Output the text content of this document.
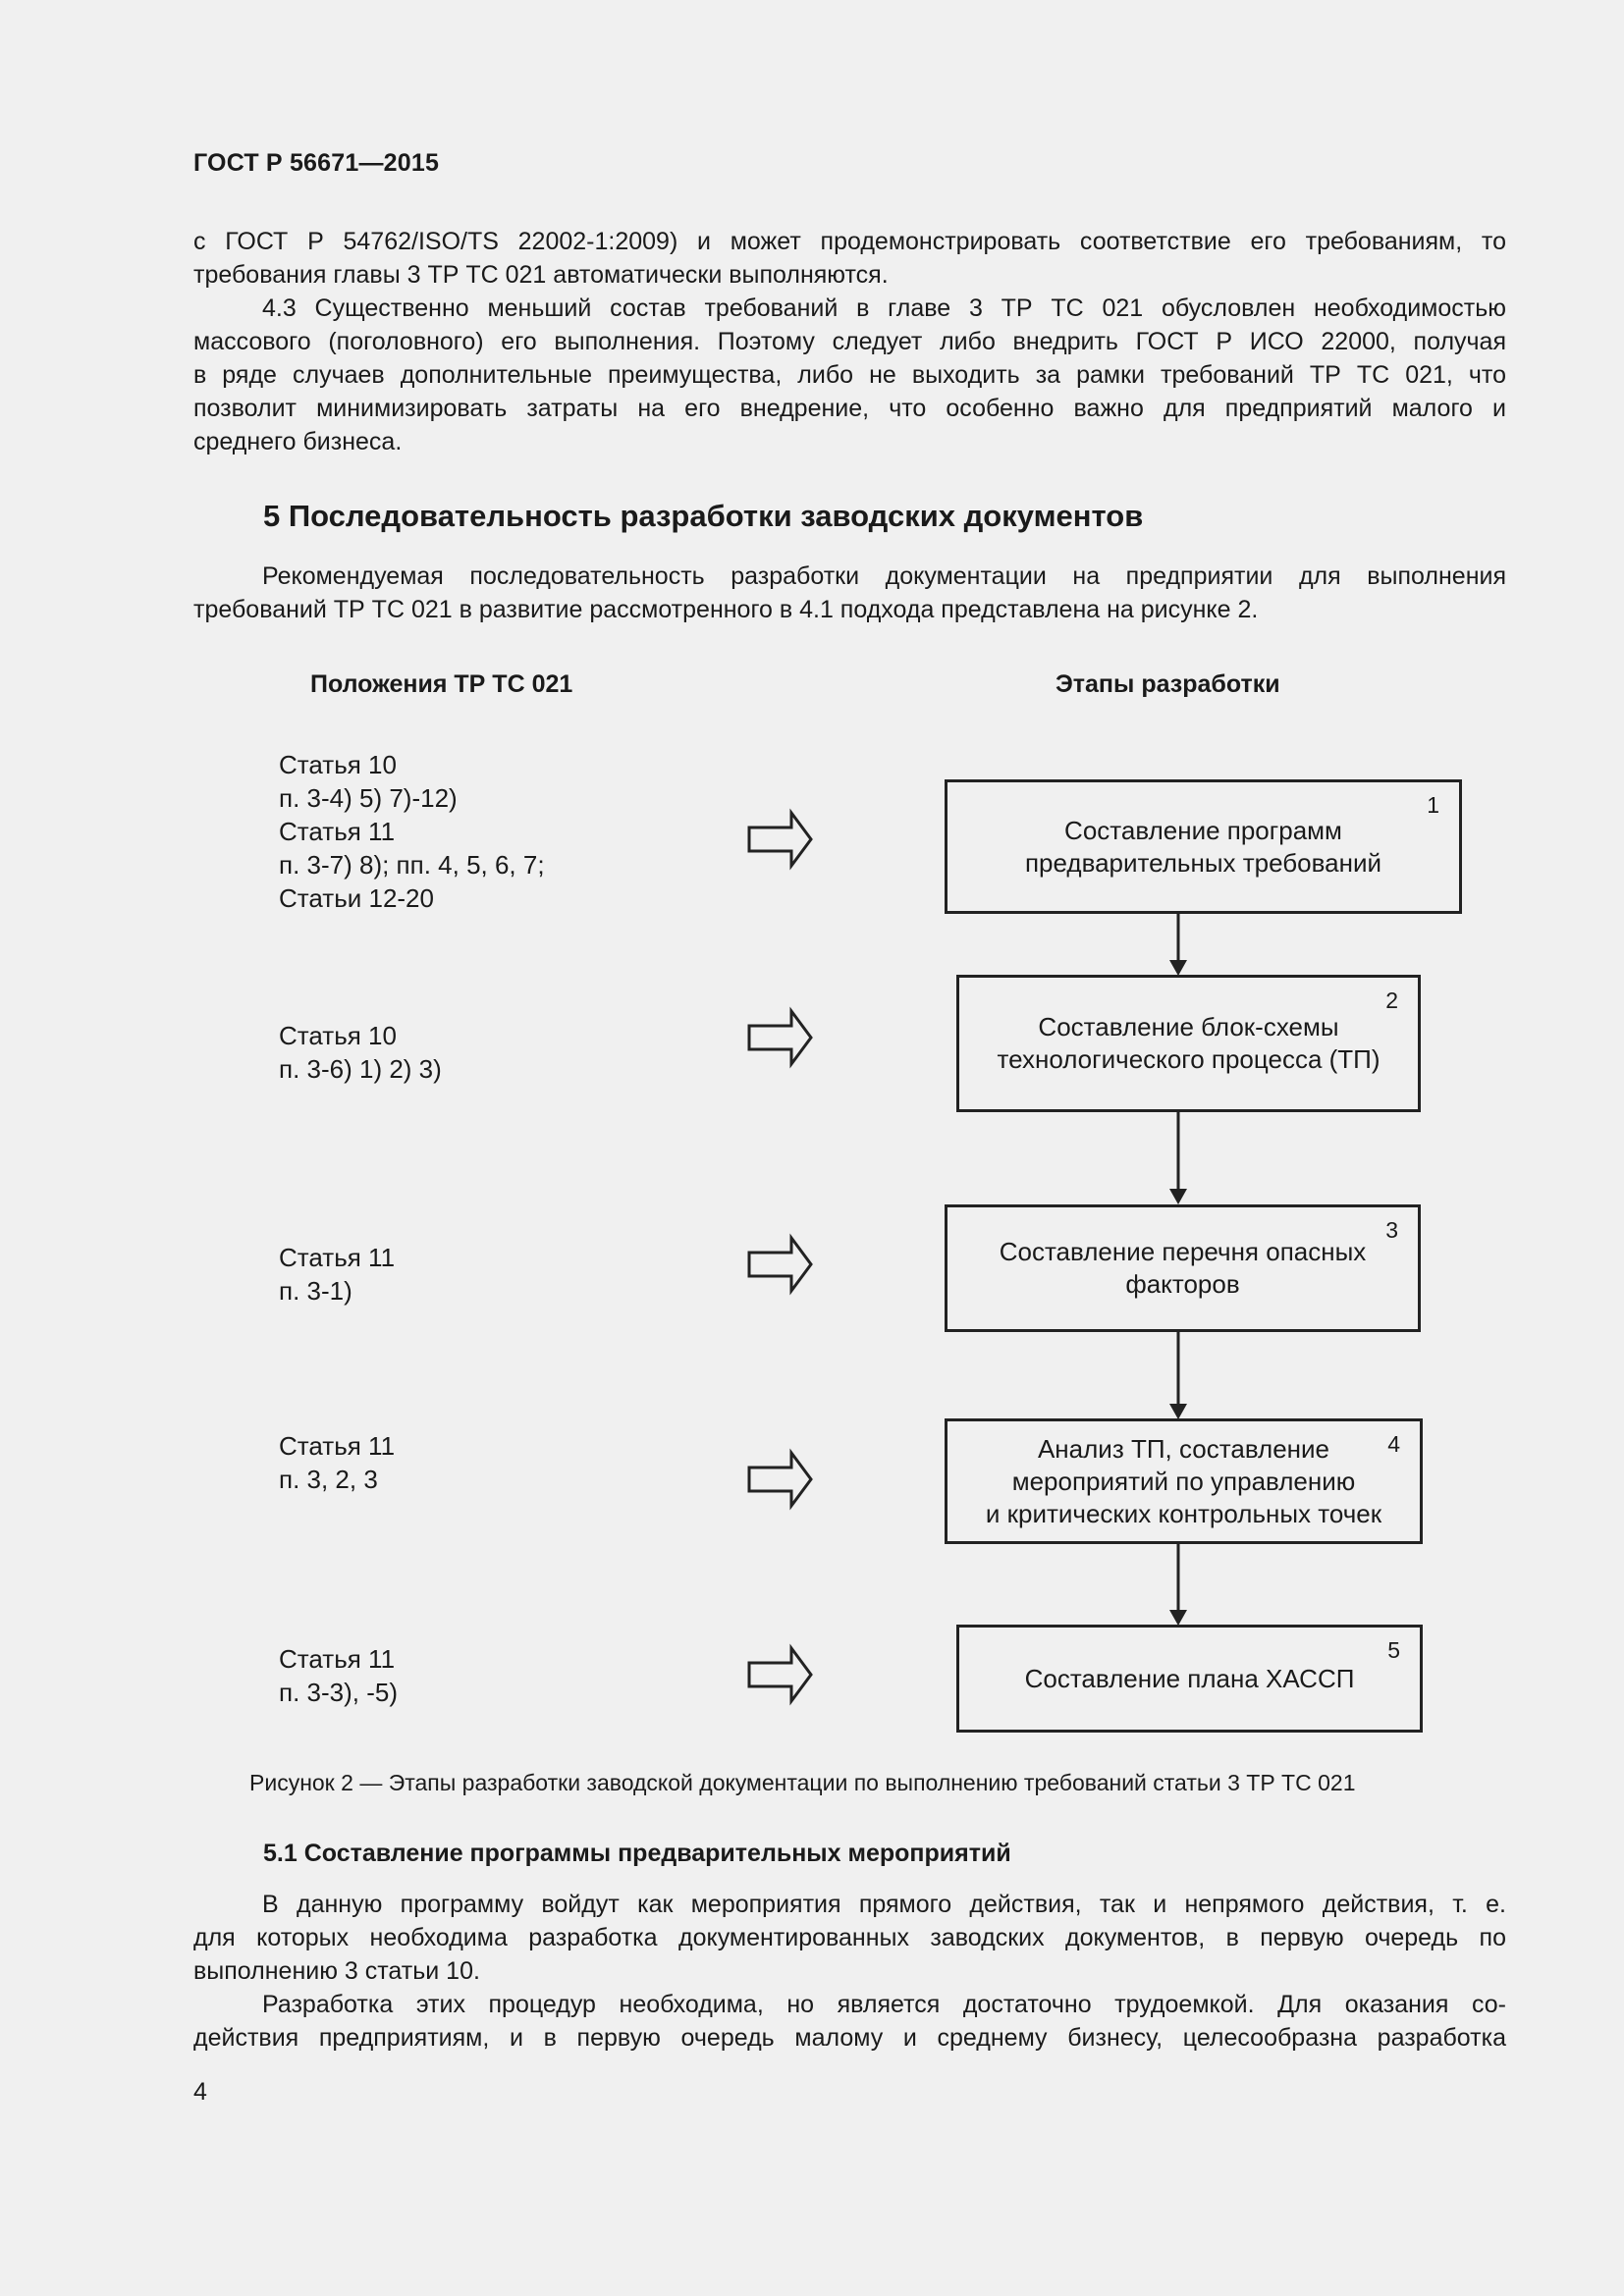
ГОСТ Р 56671—2015
с ГОСТ Р 54762/ISO/TS 22002-1:2009) и может продемонстрировать соответствие его требованиям, то
требования главы 3 ТР ТС 021 автоматически выполняются.
4.3 Существенно меньший состав требований в главе 3 ТР ТС 021 обусловлен необходимостью
массового (поголовного) его выполнения. Поэтому следует либо внедрить ГОСТ Р ИСО 22000, получая
в ряде случаев дополнительные преимущества, либо не выходить за рамки требований ТР ТС 021, что
позволит минимизировать затраты на его внедрение, что особенно важно для предприятий малого и
среднего бизнеса.
5 Последовательность разработки заводских документов
Рекомендуемая последовательность разработки документации на предприятии для выполнения
требований ТР ТС 021 в развитие рассмотренного в 4.1 подхода представлена на рисунке 2.
Положения ТР ТС 021	Этапы разработки
Статья 10
п. 3-4) 5) 7)-12)
Статья 11
п. 3-7) 8); пп. 4, 5, 6, 7;
Статьи 12-20
Статья 10
п. 3-6) 1) 2) 3)
Статья 11
п. 3-1)
Статья 11
п. 3, 2, 3
Статья 11
п. 3-3), -5)
1
Составление программ
предварительных требований
2
Составление блок-схемы
технологического процесса (ТП)
3
Составление перечня опасных
факторов
4
Анализ ТП, составление
мероприятий по управлению
и критических контрольных точек
5
Составление плана ХАССП
Рисунок 2 — Этапы разработки заводской документации по выполнению требований статьи 3 ТР ТС 021
5.1 Составление программы предварительных мероприятий
В данную программу войдут как мероприятия прямого действия, так и непрямого действия, т. е.
для которых необходима разработка документированных заводских документов, в первую очередь по
выполнению 3 статьи 10.
Разработка этих процедур необходима, но является достаточно трудоемкой. Для оказания со-
действия предприятиям, и в первую очередь малому и среднему бизнесу, целесообразна разработка
4
